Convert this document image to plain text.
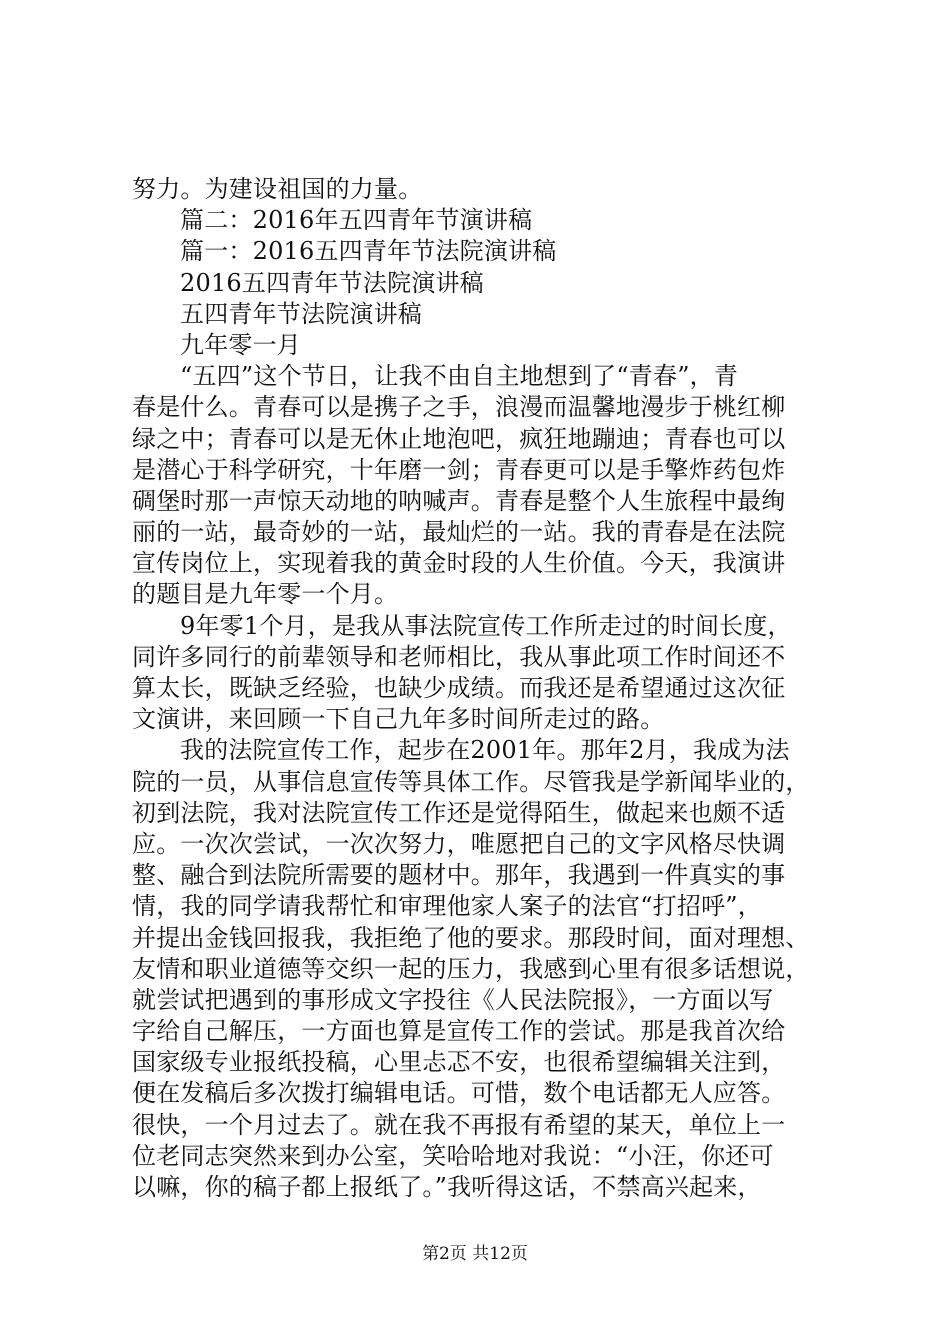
努力。为建设祖国的力量。
篇二：2016年五四青年节演讲稿
篇一：2016五四青年节法院演讲稿
2016五四青年节法院演讲稿
五四青年节法院演讲稿
九年零一月
“五四”这个节日，让我不由自主地想到了“青春”，青
春是什么。青春可以是携子之手，浪漫而温馨地漫步于桃红柳
绿之中；青春可以是无休止地泡吧，疯狂地蹦迪；青春也可以
是潜心于科学研究，十年磨一剑；青春更可以是手擎炸药包炸
碉堡时那一声惊天动地的呐喊声。青春是整个人生旅程中最绚
丽的一站，最奇妙的一站，最灿烂的一站。我的青春是在法院
宣传岗位上，实现着我的黄金时段的人生价值。今天，我演讲
的题目是九年零一个月。
9年零1个月，是我从事法院宣传工作所走过的时间长度，
同许多同行的前辈领导和老师相比，我从事此项工作时间还不
算太长，既缺乏经验，也缺少成绩。而我还是希望通过这次征
文演讲，来回顾一下自己九年多时间所走过的路。
我的法院宣传工作，起步在2001年。那年2月，我成为法
院的一员，从事信息宣传等具体工作。尽管我是学新闻毕业的，
初到法院，我对法院宣传工作还是觉得陌生，做起来也颇不适
应。一次次尝试，一次次努力，唯愿把自己的文字风格尽快调
整、融合到法院所需要的题材中。那年，我遇到一件真实的事
情，我的同学请我帮忙和审理他家人案子的法官“打招呼”，
并提出金钱回报我，我拒绝了他的要求。那段时间，面对理想、
友情和职业道德等交织一起的压力，我感到心里有很多话想说，
就尝试把遇到的事形成文字投往《人民法院报》，一方面以写
字给自己解压，一方面也算是宣传工作的尝试。那是我首次给
国家级专业报纸投稿，心里忐忑不安，也很希望编辑关注到，
便在发稿后多次拨打编辑电话。可惜，数个电话都无人应答。
很快，一个月过去了。就在我不再报有希望的某天，单位上一
位老同志突然来到办公室，笑哈哈地对我说：“小汪，你还可
以嘛，你的稿子都上报纸了。”我听得这话，不禁高兴起来，
第2页 共12页
